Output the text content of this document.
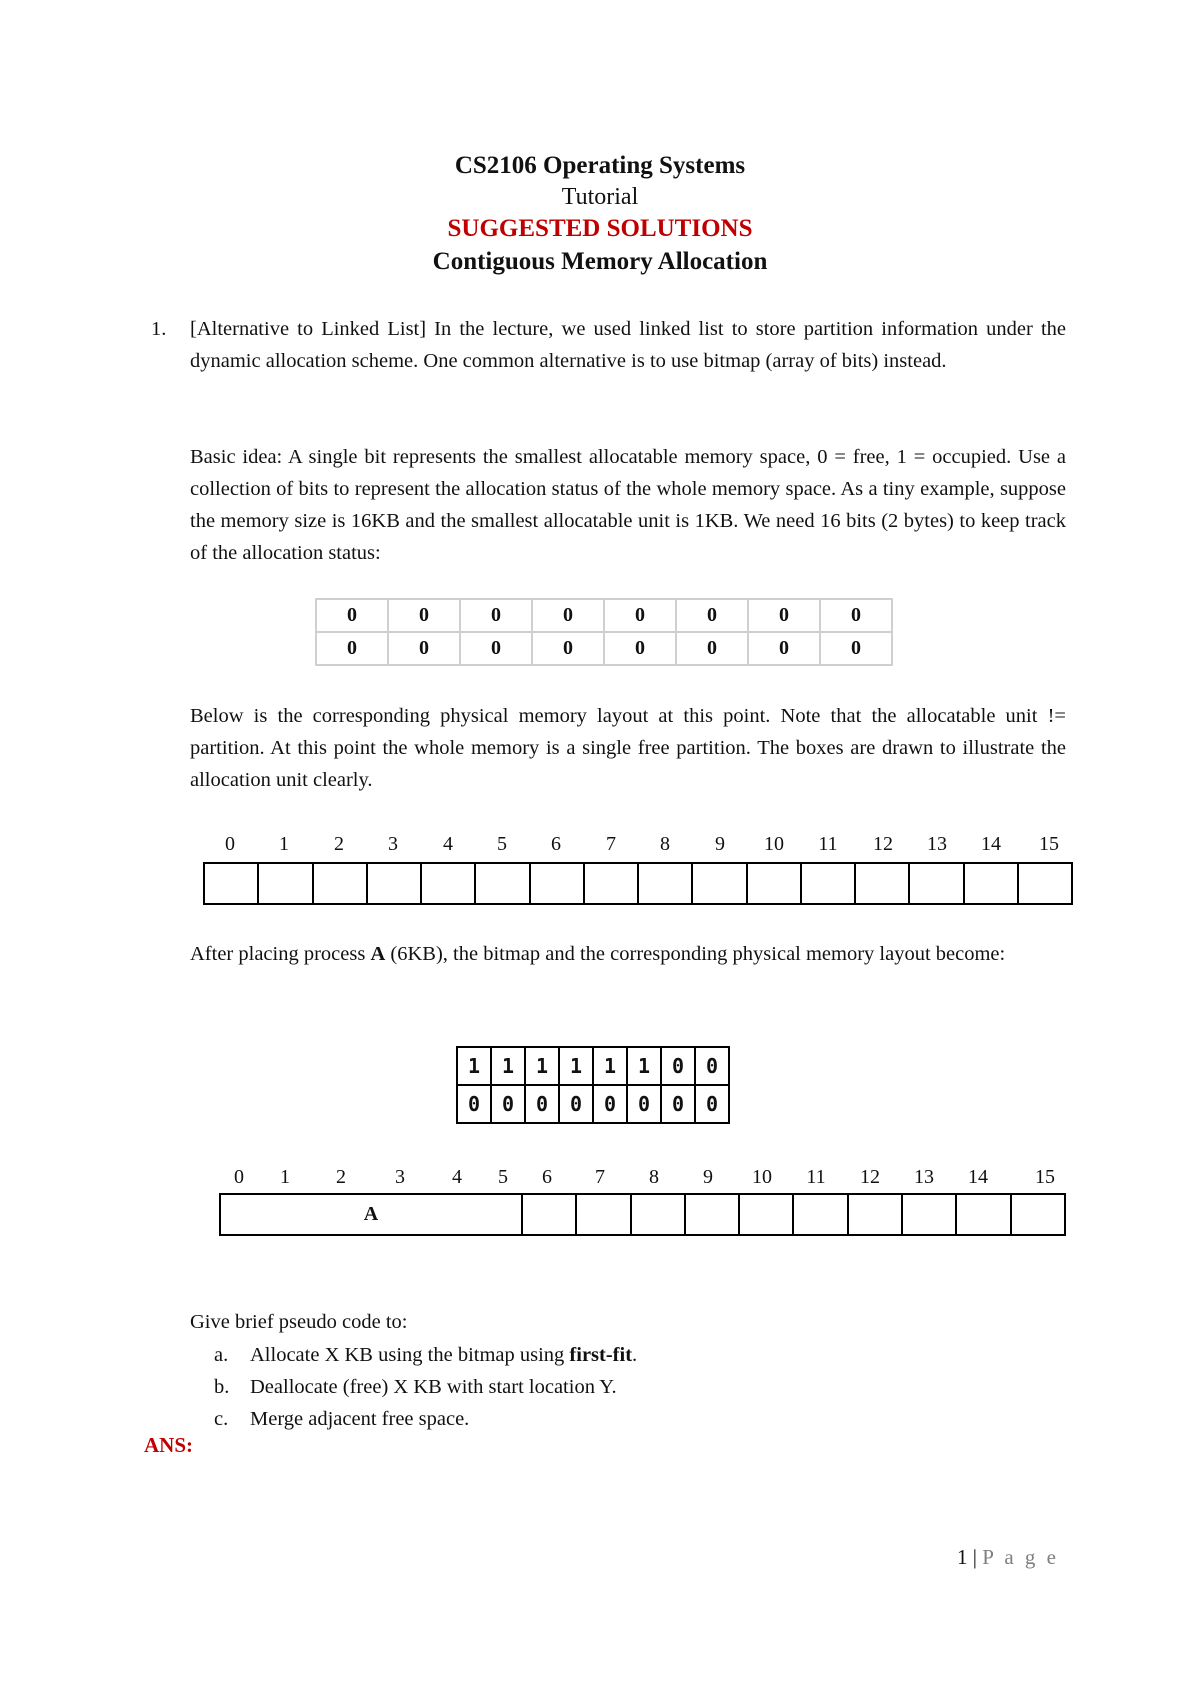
CS2106 Operating Systems
Tutorial
SUGGESTED SOLUTIONS
Contiguous Memory Allocation
1. [Alternative to Linked List] In the lecture, we used linked list to store partition information under the dynamic allocation scheme. One common alternative is to use bitmap (array of bits) instead.
Basic idea: A single bit represents the smallest allocatable memory space, 0 = free, 1 = occupied. Use a collection of bits to represent the allocation status of the whole memory space. As a tiny example, suppose the memory size is 16KB and the smallest allocatable unit is 1KB. We need 16 bits (2 bytes) to keep track of the allocation status:
0	0	0	0	0	0	0	0
0	0	0	0	0	0	0	0
Below is the corresponding physical memory layout at this point. Note that the allocatable unit != partition. At this point the whole memory is a single free partition. The boxes are drawn to illustrate the allocation unit clearly.
0 1 2 3 4 5 6 7 8 9 10 11 12 13 14 15
After placing process A (6KB), the bitmap and the corresponding physical memory layout become:
1	1	1	1	1	1	0	0
0	0	0	0	0	0	0	0
0 1 2 3 4 5 6 7 8 9 10 11 12 13 14 15
A
Give brief pseudo code to:
a. Allocate X KB using the bitmap using first-fit.
b. Deallocate (free) X KB with start location Y.
c. Merge adjacent free space.
ANS:
1 | P a g e
